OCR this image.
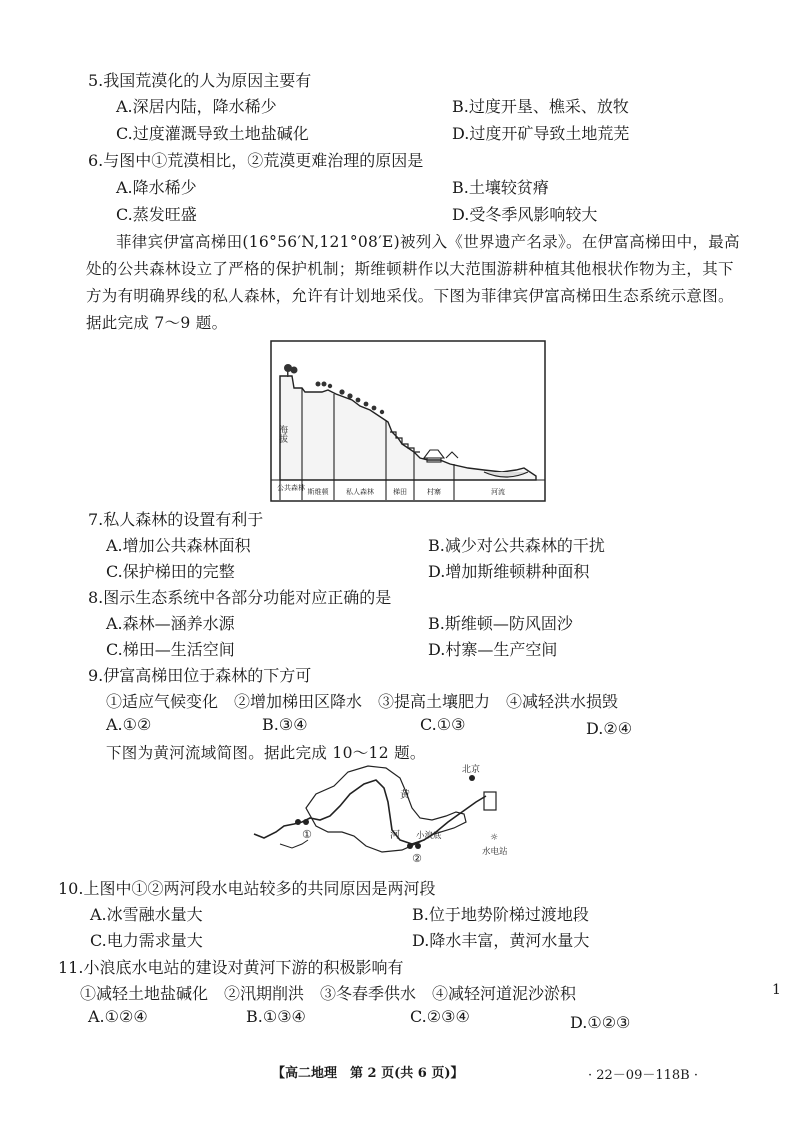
5.我国荒漠化的人为原因主要有
A.深居内陆，降水稀少	B.过度开垦、樵采、放牧
C.过度灌溉导致土地盐碱化	D.过度开矿导致土地荒芜
6.与图中①荒漠相比，②荒漠更难治理的原因是
A.降水稀少	B.土壤较贫瘠
C.蒸发旺盛	D.受冬季风影响较大
菲律宾伊富高梯田(16°56′N,121°08′E)被列入《世界遗产名录》。在伊富高梯田中，最高
处的公共森林设立了严格的保护机制；斯维顿耕作以大范围游耕种植其他根状作物为主，其下
方为有明确界线的私人森林，允许有计划地采伐。下图为菲律宾伊富高梯田生态系统示意图。
据此完成 7～9 题。
海拔
公共森林 斯维顿	私人森林	梯田	村寨	河流
7.私人森林的设置有利于
A.增加公共森林面积	B.减少对公共森林的干扰
C.保护梯田的完整	D.增加斯维顿耕种面积
8.图示生态系统中各部分功能对应正确的是
A.森林—涵养水源	B.斯维顿—防风固沙
C.梯田—生活空间	D.村寨—生产空间
9.伊富高梯田位于森林的下方可
①适应气候变化　②增加梯田区降水　③提高土壤肥力　④减轻洪水损毁
A.①②	B.③④	C.①③	D.②④
下图为黄河流域简图。据此完成 10～12 题。
北京
黄
河 小浪底	☼
水电站
①
②
10.上图中①②两河段水电站较多的共同原因是两河段
A.冰雪融水量大	B.位于地势阶梯过渡地段
C.电力需求量大	D.降水丰富，黄河水量大
11.小浪底水电站的建设对黄河下游的积极影响有
①减轻土地盐碱化　②汛期削洪　③冬春季供水　④减轻河道泥沙淤积
A.①②④	B.①③④	C.②③④	D.①②③
1
【高二地理　第 2 页(共 6 页)】	· 22－09－118B ·
